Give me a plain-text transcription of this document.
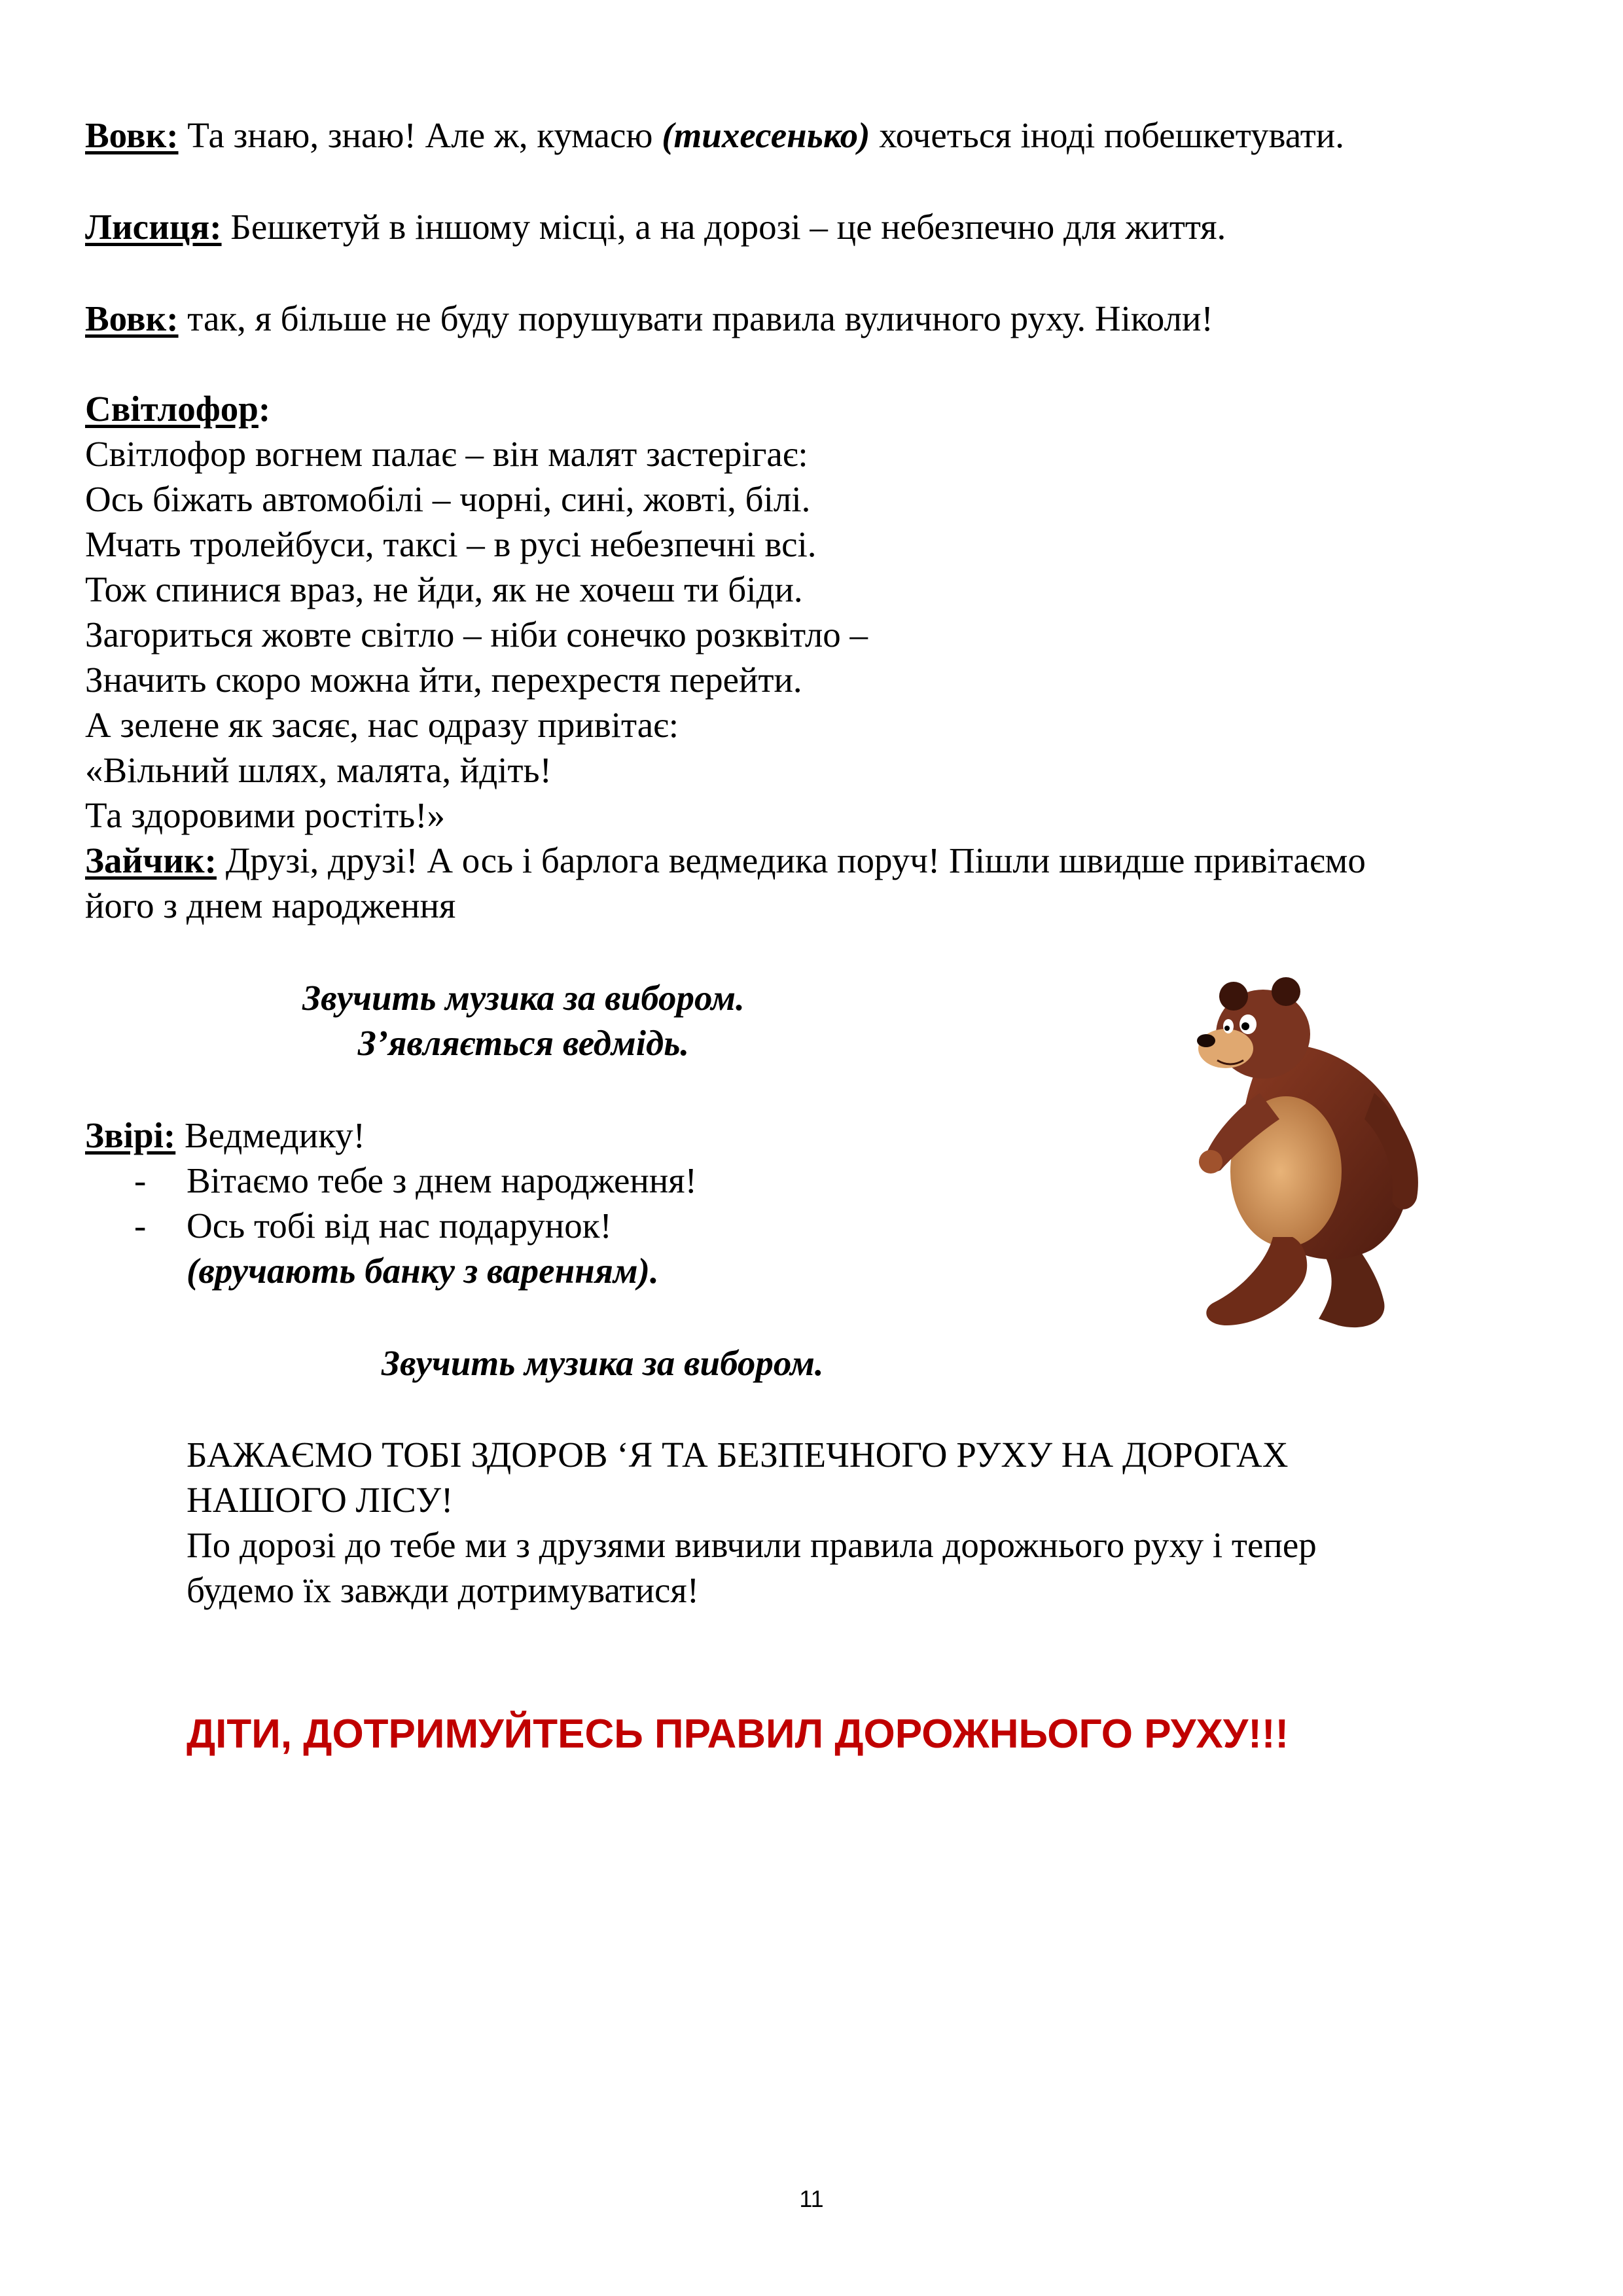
Вовк: Та знаю, знаю! Але ж, кумасю (тихесенько) хочеться іноді побешкетувати.
Лисиця: Бешкетуй в іншому місці, а на дорозі – це небезпечно для життя.
Вовк: так, я більше не буду порушувати правила вуличного руху. Ніколи!
Світлофор:
Світлофор вогнем палає – він малят застерігає:
Ось біжать автомобілі – чорні, сині, жовті, білі.
Мчать тролейбуси, таксі – в русі небезпечні всі.
Тож спинися враз, не йди, як не хочеш ти біди.
Загориться жовте світло – ніби сонечко розквітло –
Значить скоро можна йти, перехрестя перейти.
А зелене як засяє, нас одразу привітає:
«Вільний шлях, малята, йдіть!
Та здоровими ростіть!»
Зайчик: Друзі, друзі! А ось і барлога ведмедика поруч! Пішли швидше привітаємо
його з днем народження
Звучить музика за вибором.
З’являється ведмідь.
Звірі: Ведмедику!
- Вітаємо тебе з днем народження!
- Ось тобі від нас подарунок!
(вручають банку з варенням).
Звучить музика за вибором.
БАЖАЄМО ТОБІ ЗДОРОВ ‘Я ТА БЕЗПЕЧНОГО РУХУ НА ДОРОГАХ
НАШОГО ЛІСУ!
По дорозі до тебе ми з друзями вивчили правила дорожнього руху і тепер
будемо їх завжди дотримуватися!
ДІТИ, ДОТРИМУЙТЕСЬ ПРАВИЛ ДОРОЖНЬОГО РУХУ!!!
11
